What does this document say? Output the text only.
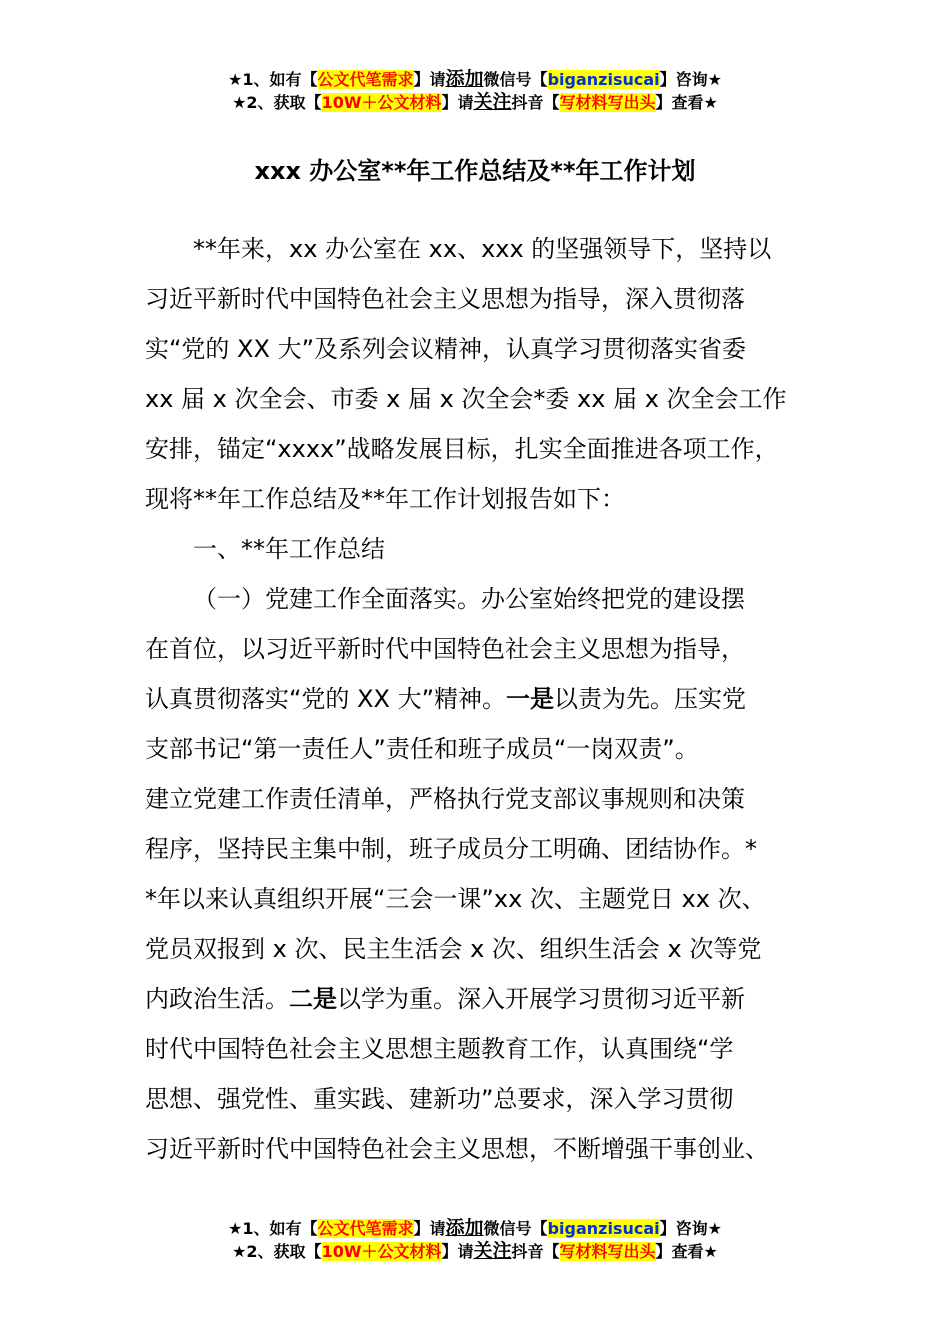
★1、如有【公文代笔需求】请添加微信号【biganzisucai】咨询★
★2、获取【10W＋公文材料】请关注抖音【写材料写出头】查看★
xxx 办公室**年工作总结及**年工作计划
**年来，xx 办公室在 xx、xxx 的坚强领导下，坚持以
习近平新时代中国特色社会主义思想为指导，深入贯彻落
实“党的 XX 大”及系列会议精神，认真学习贯彻落实省委
xx 届 x 次全会、市委 x 届 x 次全会*委 xx 届 x 次全会工作
安排，锚定“xxxx”战略发展目标，扎实全面推进各项工作，
现将**年工作总结及**年工作计划报告如下：
一、**年工作总结
（一）党建工作全面落实。办公室始终把党的建设摆
在首位，以习近平新时代中国特色社会主义思想为指导，
认真贯彻落实“党的 XX 大”精神。一是以责为先。压实党
支部书记“第一责任人”责任和班子成员“一岗双责”。
建立党建工作责任清单，严格执行党支部议事规则和决策
程序，坚持民主集中制，班子成员分工明确、团结协作。*
*年以来认真组织开展“三会一课”xx 次、主题党日 xx 次、
党员双报到 x 次、民主生活会 x 次、组织生活会 x 次等党
内政治生活。二是以学为重。深入开展学习贯彻习近平新
时代中国特色社会主义思想主题教育工作，认真围绕“学
思想、强党性、重实践、建新功”总要求，深入学习贯彻
习近平新时代中国特色社会主义思想，不断增强干事创业、
★1、如有【公文代笔需求】请添加微信号【biganzisucai】咨询★
★2、获取【10W＋公文材料】请关注抖音【写材料写出头】查看★
